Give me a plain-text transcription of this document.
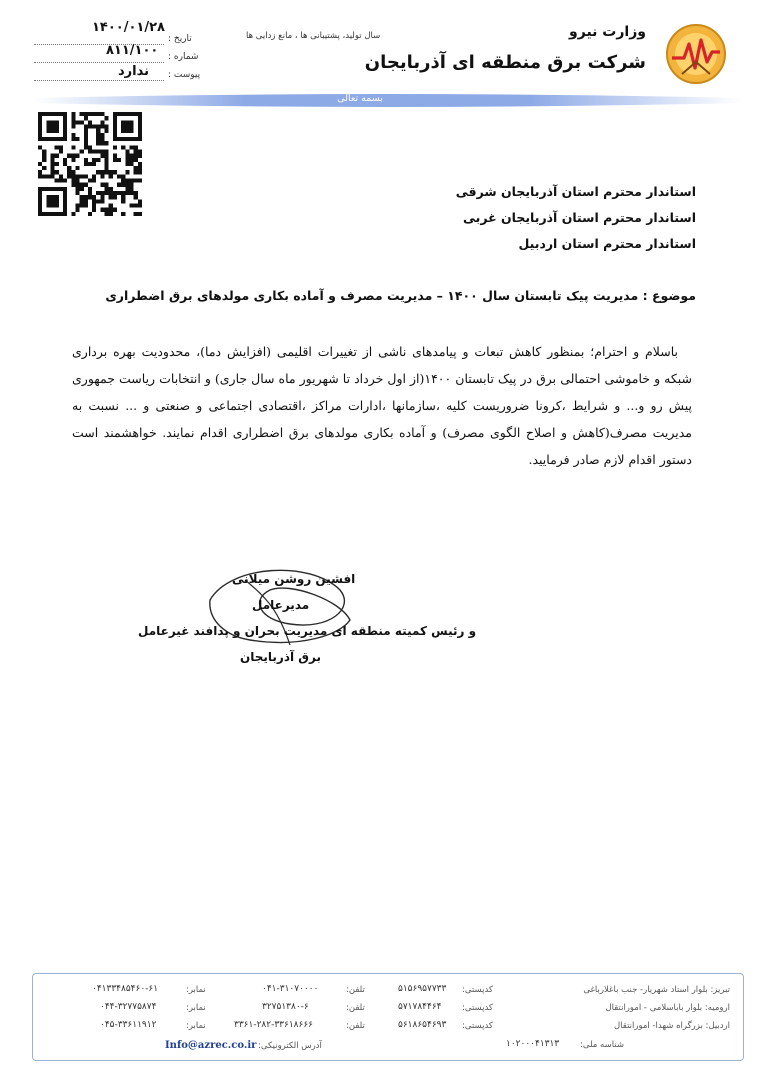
وزارت نیرو
شرکت برق منطقه ای آذربایجان
سال تولید، پشتیبانی ها ، مانع زدایی ها
تاریخ :
۱۴۰۰/۰۱/۲۸
شماره :
۸۱۱/۱۰۰
پیوست :
ندارد
بسمه تعالی
استاندار محترم استان آذربایجان شرقی
استاندار محترم استان آذربایجان غربی
استاندار محترم استان اردبیل
موضوع : مدیریت پیک تابستان سال ۱۴۰۰ – مدیریت مصرف و آماده بکاری مولدهای برق اضطراری

باسلام و احترام؛ بمنظور کاهش تبعات و پیامدهای ناشی از تغییرات اقلیمی (افزایش دما)، محدودیت بهره برداری شبکه و خاموشی احتمالی برق در پیک تابستان ۱۴۰۰(از اول خرداد تا شهریور ماه سال جاری) و انتخابات ریاست جمهوری پیش رو و... و شرایط ،کرونا ضروریست کلیه ،سازمانها ،ادارات مراکز ،اقتصادی اجتماعی و صنعتی و ... نسبت به مدیریت مصرف(کاهش و اصلاح الگوی مصرف) و آماده بکاری مولدهای برق اضطراری اقدام نمایند. خواهشمند است دستور اقدام لازم صادر فرمایید.

افشین روشن میلانی
مدیرعامل
و رئیس کمیته منطقه ای مدیریت بحران و پدافند غیرعامل
برق آذربایجان
تبریز: بلوار استاد شهریار- جنب باغلارباغی
ارومیه: بلوار باباسلامی - امورانتقال
اردبیل: بزرگراه شهدا- امورانتقال
کدپستی:
کدپستی:
کدپستی:
۵۱۵۶۹۵۷۷۳۳
۵۷۱۷۸۴۴۶۴
۵۶۱۸۶۵۴۶۹۳
تلفن:
تلفن:
تلفن:
۰۴۱-۳۱۰۷۰۰۰۰
۳۲۷۵۱۳۸۰-۶
۳۳۶۱-۲۸۲-۳۳۶۱۸۶۶۶
نمابر:
نمابر:
نمابر:
۰۴۱۳۳۴۸۵۴۶۰-۶۱
۰۴۴-۳۲۷۷۵۸۷۴
۰۴۵-۳۳۶۱۱۹۱۲
شناسه ملی:
۱۰۲۰۰۰۴۱۳۱۳
آدرس الکترونیکی:
Info@azrec.co.ir
